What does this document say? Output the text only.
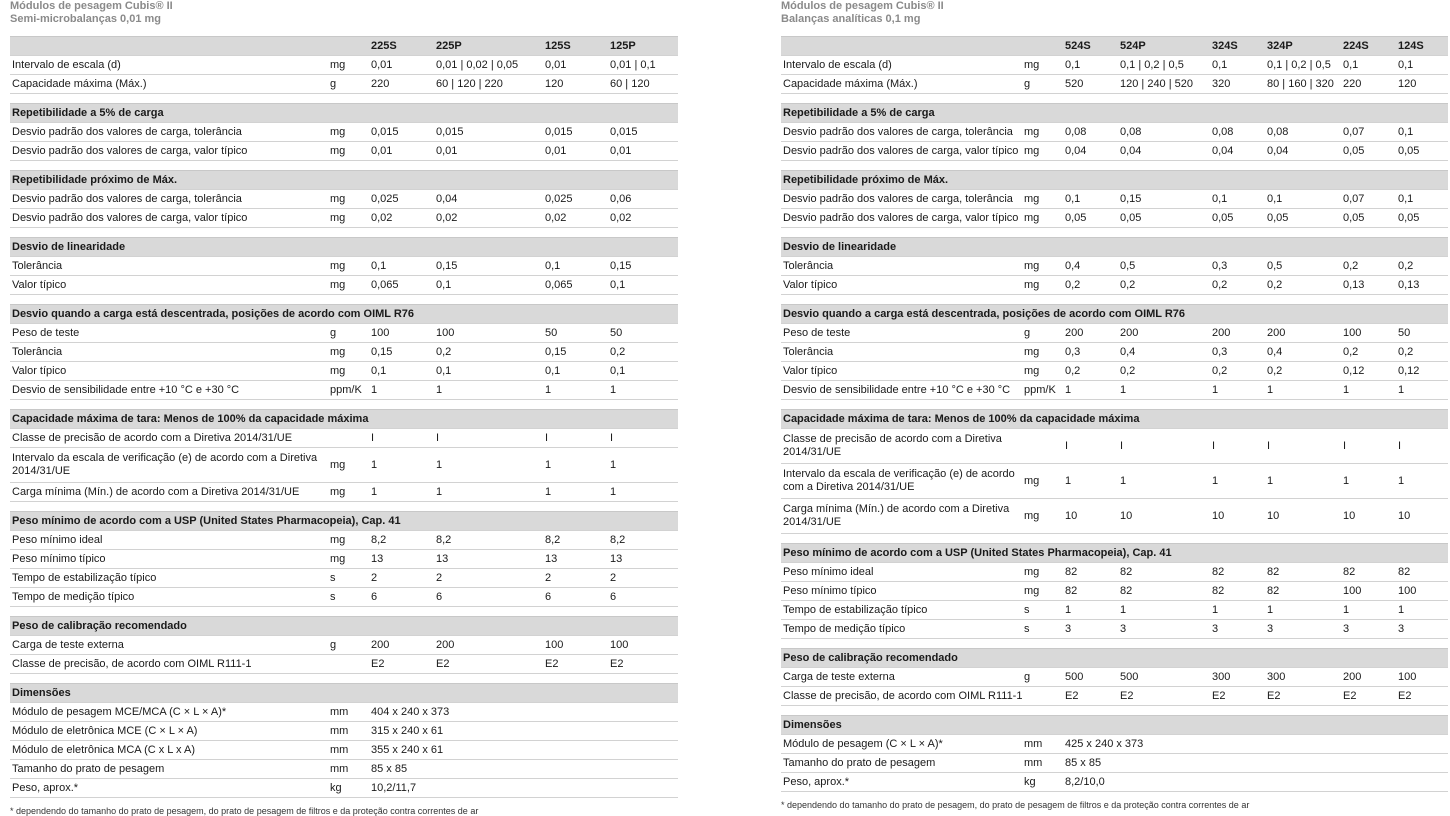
Módulos de pesagem Cubis® II
Semi-microbalanças 0,01 mg
		225S	225P	125S	125P
Intervalo de escala (d)	mg	0,01	0,01 | 0,02 | 0,05	0,01	0,01 | 0,1
Capacidade máxima (Máx.)	g	220	60 | 120 | 220	120	60 | 120

Repetibilidade a 5% de carga					
Desvio padrão dos valores de carga, tolerância	mg	0,015	0,015	0,015	0,015
Desvio padrão dos valores de carga, valor típico	mg	0,01	0,01	0,01	0,01

Repetibilidade próximo de Máx.					
Desvio padrão dos valores de carga, tolerância	mg	0,025	0,04	0,025	0,06
Desvio padrão dos valores de carga, valor típico	mg	0,02	0,02	0,02	0,02

Desvio de linearidade					
Tolerância	mg	0,1	0,15	0,1	0,15
Valor típico	mg	0,065	0,1	0,065	0,1

Desvio quando a carga está descentrada, posições de acordo com OIML R76					
Peso de teste	g	100	100	50	50
Tolerância	mg	0,15	0,2	0,15	0,2
Valor típico	mg	0,1	0,1	0,1	0,1
Desvio de sensibilidade entre +10 °C e +30 °C	ppm/K	1	1	1	1

Capacidade máxima de tara: Menos de 100% da capacidade máxima					
Classe de precisão de acordo com a Diretiva 2014/31/UE		I	I	I	I
Intervalo da escala de verificação (e) de acordo com a Diretiva 2014/31/UE	mg	1	1	1	1
Carga mínima (Mín.) de acordo com a Diretiva 2014/31/UE	mg	1	1	1	1

Peso mínimo de acordo com a USP (United States Pharmacopeia), Cap. 41					
Peso mínimo ideal	mg	8,2	8,2	8,2	8,2
Peso mínimo típico	mg	13	13	13	13
Tempo de estabilização típico	s	2	2	2	2
Tempo de medição típico	s	6	6	6	6

Peso de calibração recomendado					
Carga de teste externa	g	200	200	100	100
Classe de precisão, de acordo com OIML R111-1		E2	E2	E2	E2

Dimensões					
Módulo de pesagem MCE/MCA (C × L × A)*	mm	404 x 240 x 373			
Módulo de eletrônica MCE (C × L × A)	mm	315 x 240 x 61			
Módulo de eletrônica MCA (C x L x A)	mm	355 x 240 x 61			
Tamanho do prato de pesagem	mm	85 x 85			
Peso, aprox.*	kg	10,2/11,7			
* dependendo do tamanho do prato de pesagem, do prato de pesagem de filtros e da proteção contra correntes de ar
Módulos de pesagem Cubis® II
Balanças analíticas 0,1 mg
		524S	524P	324S	324P	224S	124S
Intervalo de escala (d)	mg	0,1	0,1 | 0,2 | 0,5	0,1	0,1 | 0,2 | 0,5	0,1	0,1
Capacidade máxima (Máx.)	g	520	120 | 240 | 520	320	80 | 160 | 320	220	120

Repetibilidade a 5% de carga							
Desvio padrão dos valores de carga, tolerância	mg	0,08	0,08	0,08	0,08	0,07	0,1
Desvio padrão dos valores de carga, valor típico	mg	0,04	0,04	0,04	0,04	0,05	0,05

Repetibilidade próximo de Máx.							
Desvio padrão dos valores de carga, tolerância	mg	0,1	0,15	0,1	0,1	0,07	0,1
Desvio padrão dos valores de carga, valor típico	mg	0,05	0,05	0,05	0,05	0,05	0,05

Desvio de linearidade							
Tolerância	mg	0,4	0,5	0,3	0,5	0,2	0,2
Valor típico	mg	0,2	0,2	0,2	0,2	0,13	0,13

Desvio quando a carga está descentrada, posições de acordo com OIML R76							
Peso de teste	g	200	200	200	200	100	50
Tolerância	mg	0,3	0,4	0,3	0,4	0,2	0,2
Valor típico	mg	0,2	0,2	0,2	0,2	0,12	0,12
Desvio de sensibilidade entre +10 °C e +30 °C	ppm/K	1	1	1	1	1	1

Capacidade máxima de tara: Menos de 100% da capacidade máxima							
Classe de precisão de acordo com a Diretiva 2014/31/UE		I	I	I	I	I	I
Intervalo da escala de verificação (e) de acordo com a Diretiva 2014/31/UE	mg	1	1	1	1	1	1
Carga mínima (Mín.) de acordo com a Diretiva 2014/31/UE	mg	10	10	10	10	10	10

Peso mínimo de acordo com a USP (United States Pharmacopeia), Cap. 41							
Peso mínimo ideal	mg	82	82	82	82	82	82
Peso mínimo típico	mg	82	82	82	82	100	100
Tempo de estabilização típico	s	1	1	1	1	1	1
Tempo de medição típico	s	3	3	3	3	3	3

Peso de calibração recomendado							
Carga de teste externa	g	500	500	300	300	200	100
Classe de precisão, de acordo com OIML R111-1		E2	E2	E2	E2	E2	E2

Dimensões							
Módulo de pesagem (C × L × A)*	mm	425 x 240 x 373					
Tamanho do prato de pesagem	mm	85 x 85					
Peso, aprox.*	kg	8,2/10,0					
* dependendo do tamanho do prato de pesagem, do prato de pesagem de filtros e da proteção contra correntes de ar
